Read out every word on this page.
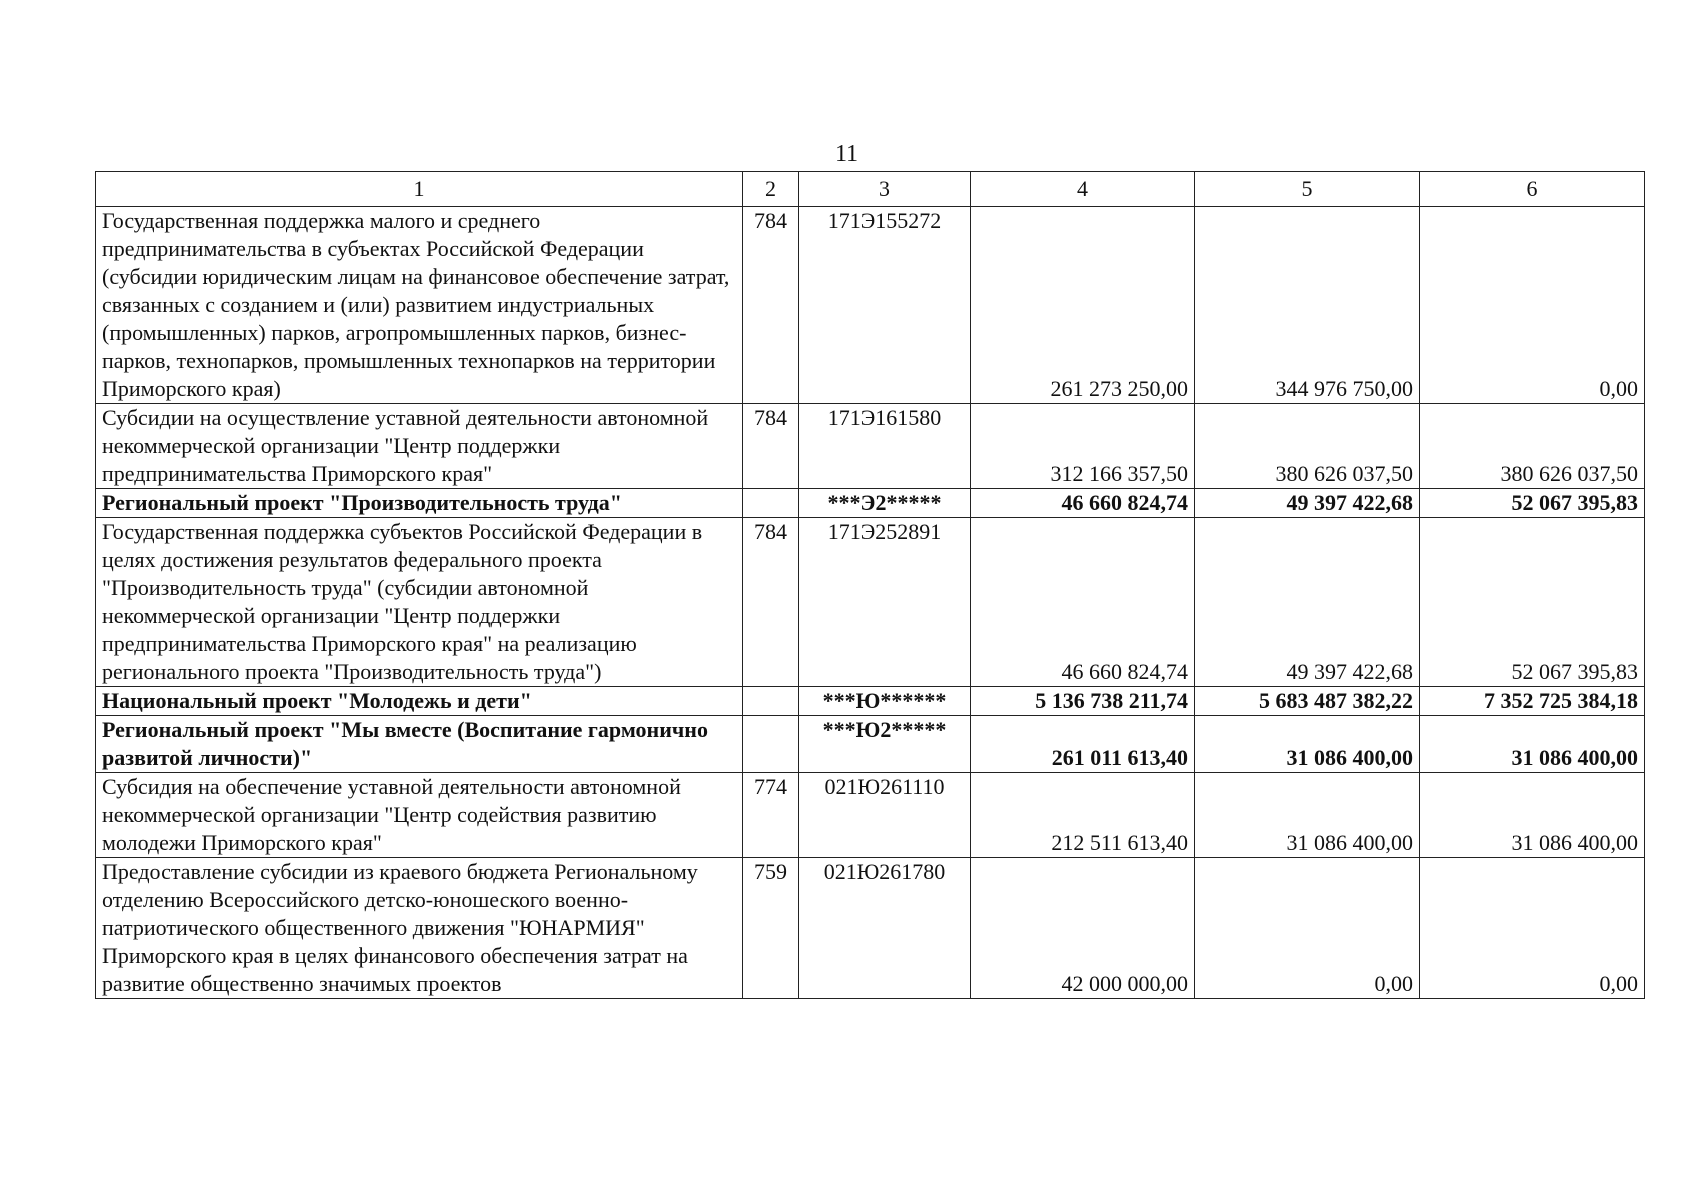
11
1	2	3	4	5	6
Государственная поддержка малого и среднего предпринимательства в субъектах Российской Федерации (субсидии юридическим лицам на финансовое обеспечение затрат, связанных с созданием и (или) развитием индустриальных (промышленных) парков, агропромышленных парков, бизнес-парков, технопарков, промышленных технопарков на территории Приморского края)	784	171Э155272	261 273 250,00	344 976 750,00	0,00
Субсидии на осуществление уставной деятельности автономной некоммерческой организации "Центр поддержки предпринимательства Приморского края"	784	171Э161580	312 166 357,50	380 626 037,50	380 626 037,50
Региональный проект "Производительность труда"		***Э2*****	46 660 824,74	49 397 422,68	52 067 395,83
Государственная поддержка субъектов Российской Федерации в целях достижения результатов федерального проекта "Производительность труда" (субсидии автономной некоммерческой организации "Центр поддержки предпринимательства Приморского края" на реализацию регионального проекта "Производительность труда")	784	171Э252891	46 660 824,74	49 397 422,68	52 067 395,83
Национальный проект "Молодежь и дети"		***Ю******	5 136 738 211,74	5 683 487 382,22	7 352 725 384,18
Региональный проект "Мы вместе (Воспитание гармонично развитой личности)"		***Ю2*****	261 011 613,40	31 086 400,00	31 086 400,00
Субсидия на обеспечение уставной деятельности автономной некоммерческой организации "Центр содействия развитию молодежи Приморского края"	774	021Ю261110	212 511 613,40	31 086 400,00	31 086 400,00
Предоставление субсидии из краевого бюджета Региональному отделению Всероссийского детско-юношеского военно-патриотического общественного движения "ЮНАРМИЯ" Приморского края в целях финансового обеспечения затрат на развитие общественно значимых проектов	759	021Ю261780	42 000 000,00	0,00	0,00
